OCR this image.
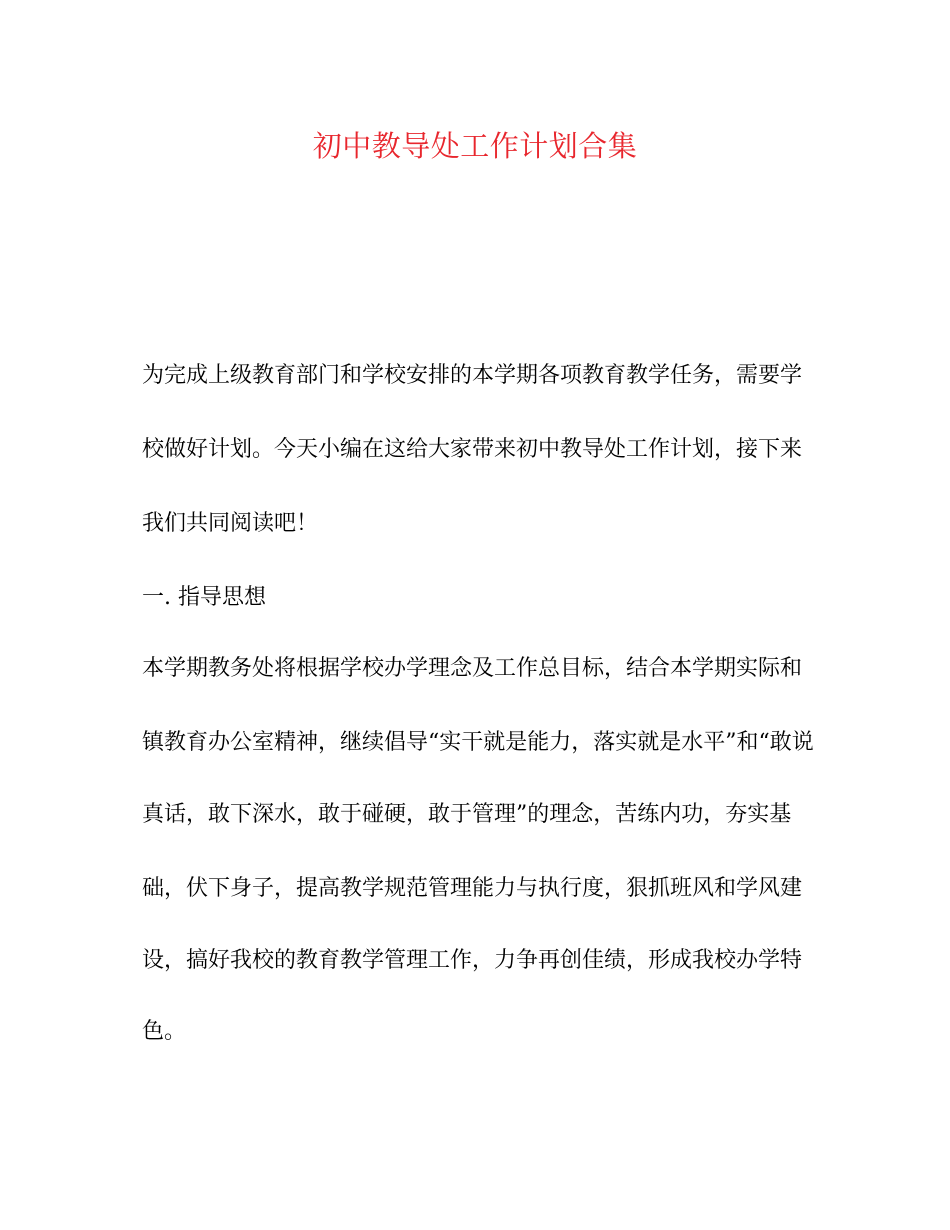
初中教导处工作计划合集
为完成上级教育部门和学校安排的本学期各项教育教学任务，需要学
校做好计划。今天小编在这给大家带来初中教导处工作计划，接下来
我们共同阅读吧！
一. 指导思想
本学期教务处将根据学校办学理念及工作总目标，结合本学期实际和
镇教育办公室精神，继续倡导“实干就是能力，落实就是水平”和“敢说
真话，敢下深水，敢于碰硬，敢于管理”的理念，苦练内功，夯实基
础，伏下身子，提高教学规范管理能力与执行度，狠抓班风和学风建
设，搞好我校的教育教学管理工作，力争再创佳绩，形成我校办学特
色。
